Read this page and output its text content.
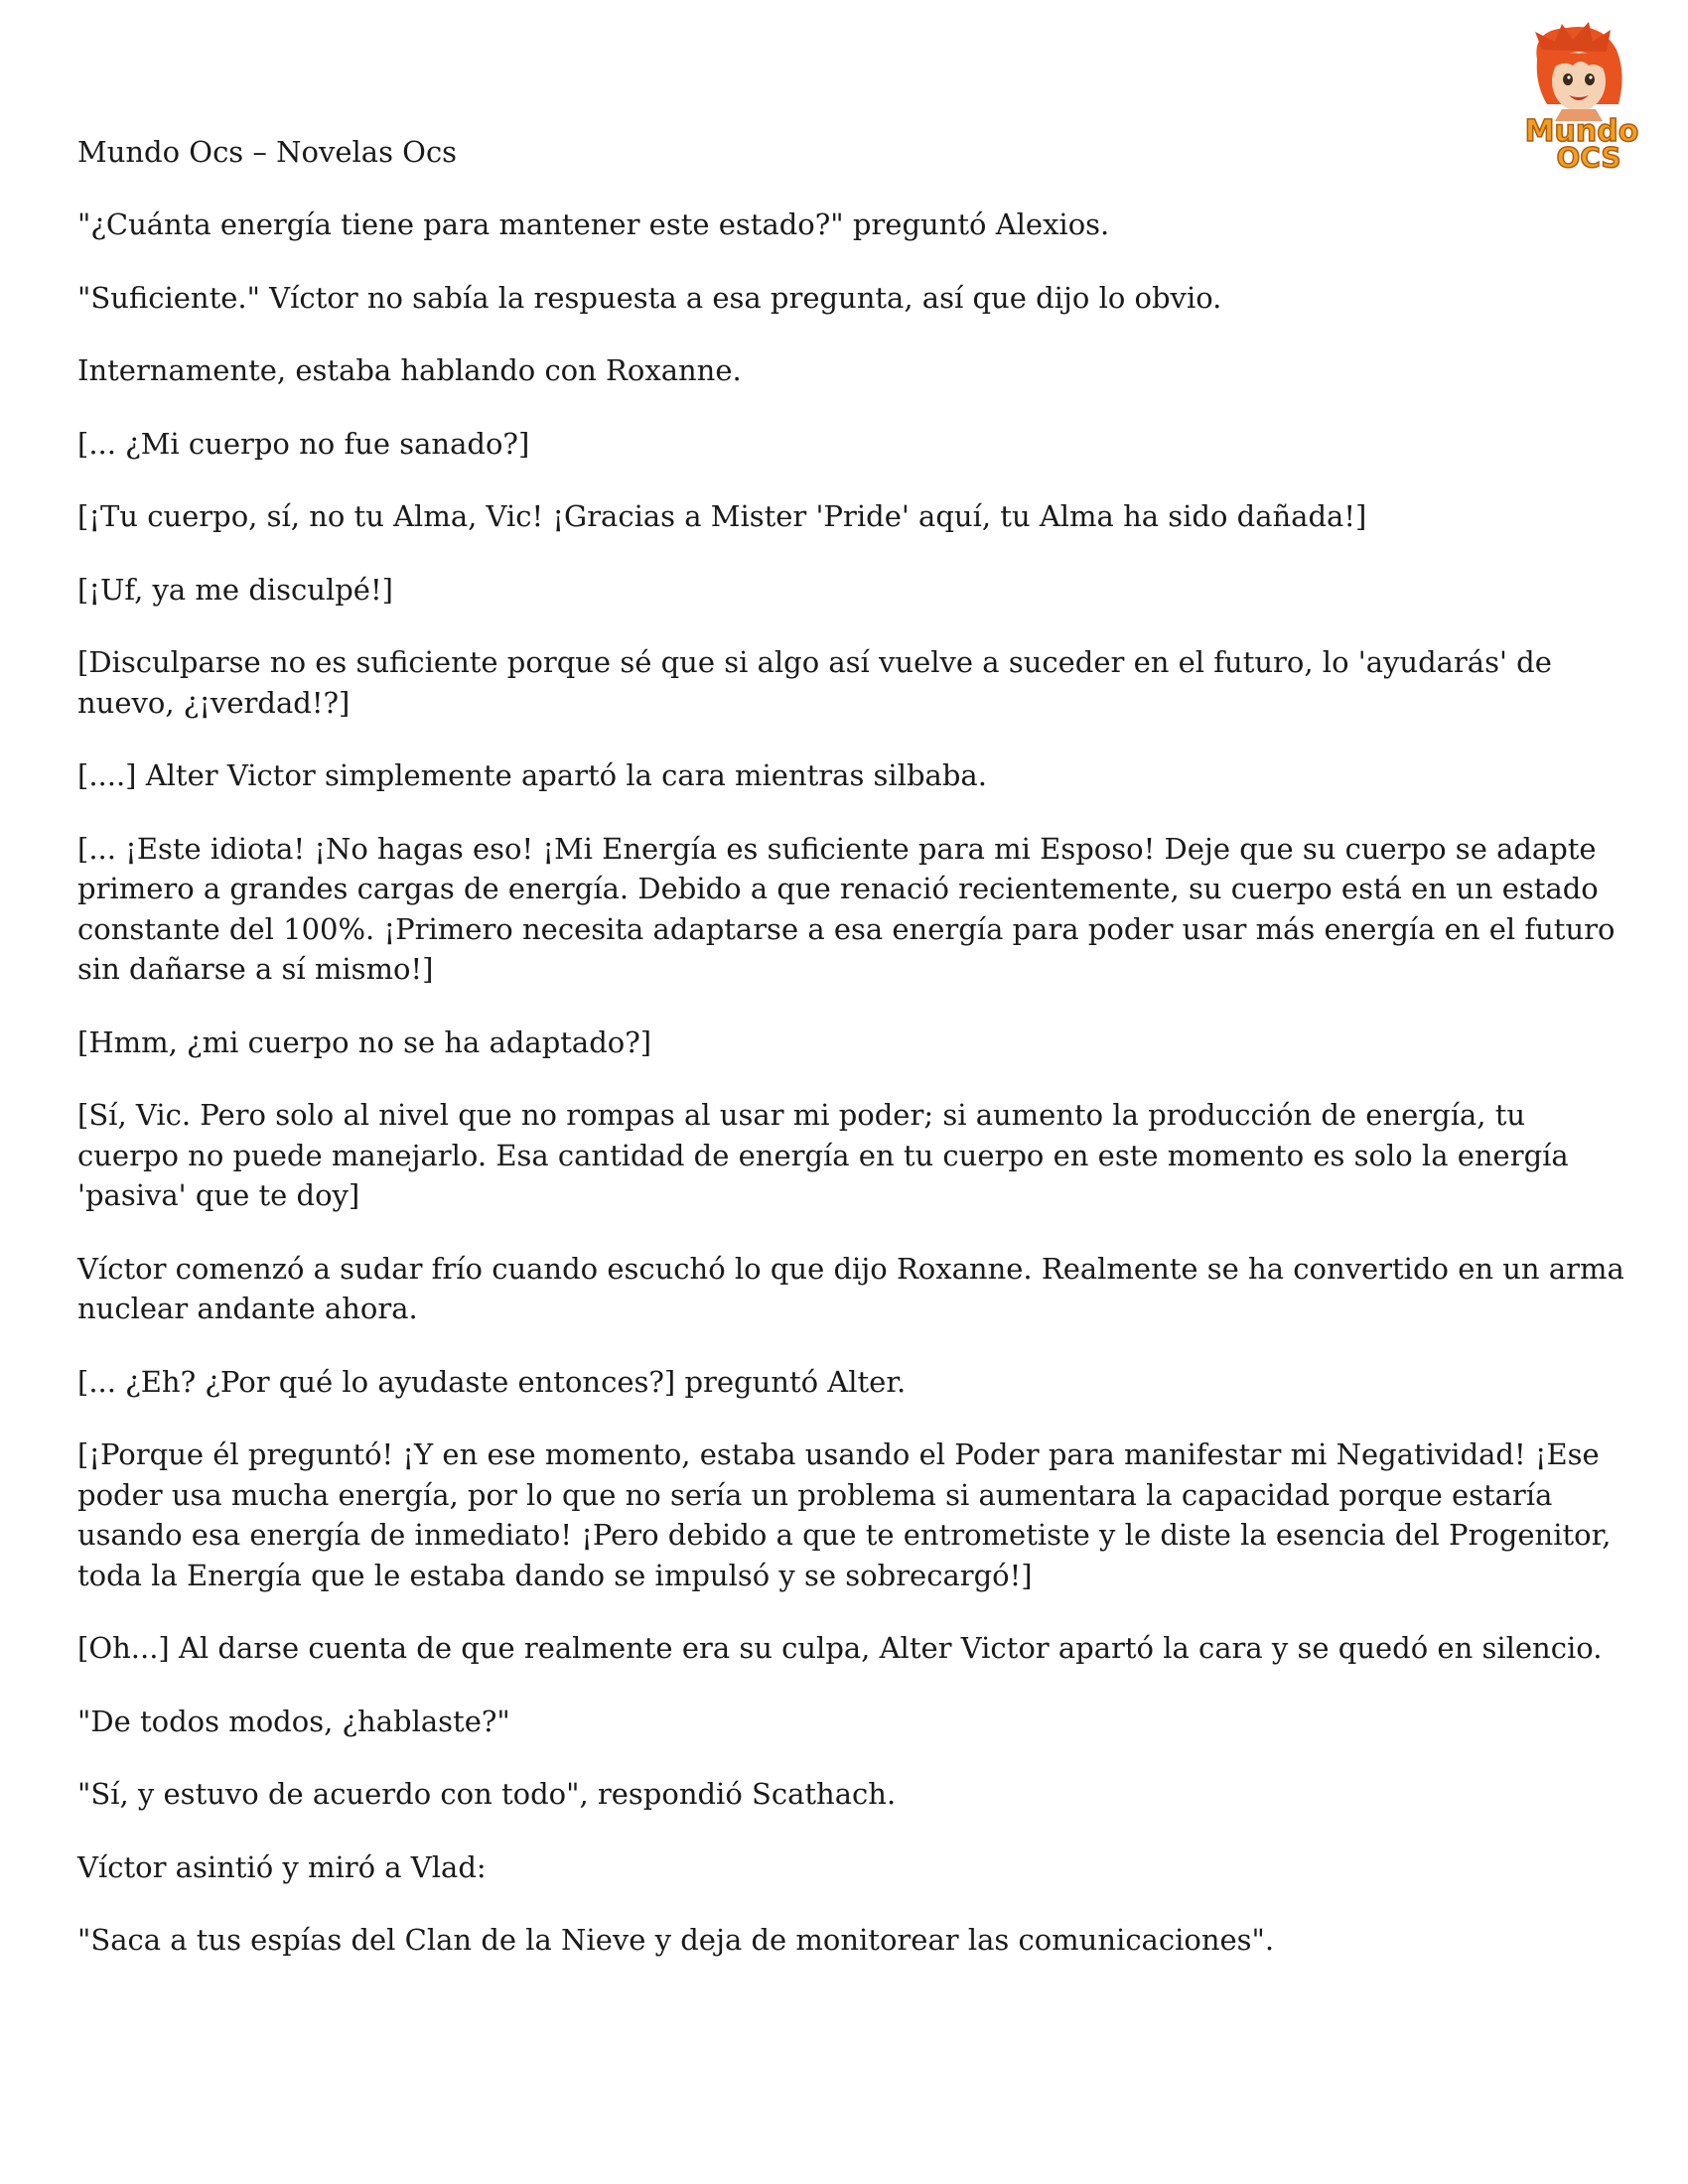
Mundo
OCS
Mundo Ocs – Novelas Ocs

"¿Cuánta energía tiene para mantener este estado?" preguntó Alexios.

"Suficiente." Víctor no sabía la respuesta a esa pregunta, así que dijo lo obvio.

Internamente, estaba hablando con Roxanne.

[... ¿Mi cuerpo no fue sanado?]

[¡Tu cuerpo, sí, no tu Alma, Vic! ¡Gracias a Mister 'Pride' aquí, tu Alma ha sido dañada!]

[¡Uf, ya me disculpé!]

[Disculparse no es suficiente porque sé que si algo así vuelve a suceder en el futuro, lo 'ayudarás' de nuevo, ¿¡verdad!?]

[....] Alter Victor simplemente apartó la cara mientras silbaba.

[... ¡Este idiota! ¡No hagas eso! ¡Mi Energía es suficiente para mi Esposo! Deje que su cuerpo se adapte primero a grandes cargas de energía. Debido a que renació recientemente, su cuerpo está en un estado constante del 100%. ¡Primero necesita adaptarse a esa energía para poder usar más energía en el futuro sin dañarse a sí mismo!]

[Hmm, ¿mi cuerpo no se ha adaptado?]

[Sí, Vic. Pero solo al nivel que no rompas al usar mi poder; si aumento la producción de energía, tu cuerpo no puede manejarlo. Esa cantidad de energía en tu cuerpo en este momento es solo la energía 'pasiva' que te doy]

Víctor comenzó a sudar frío cuando escuchó lo que dijo Roxanne. Realmente se ha convertido en un arma nuclear andante ahora.

[... ¿Eh? ¿Por qué lo ayudaste entonces?] preguntó Alter.

[¡Porque él preguntó! ¡Y en ese momento, estaba usando el Poder para manifestar mi Negatividad! ¡Ese poder usa mucha energía, por lo que no sería un problema si aumentara la capacidad porque estaría usando esa energía de inmediato! ¡Pero debido a que te entrometiste y le diste la esencia del Progenitor, toda la Energía que le estaba dando se impulsó y se sobrecargó!]

[Oh...] Al darse cuenta de que realmente era su culpa, Alter Victor apartó la cara y se quedó en silencio.

"De todos modos, ¿hablaste?"

"Sí, y estuvo de acuerdo con todo", respondió Scathach.

Víctor asintió y miró a Vlad:

"Saca a tus espías del Clan de la Nieve y deja de monitorear las comunicaciones".
